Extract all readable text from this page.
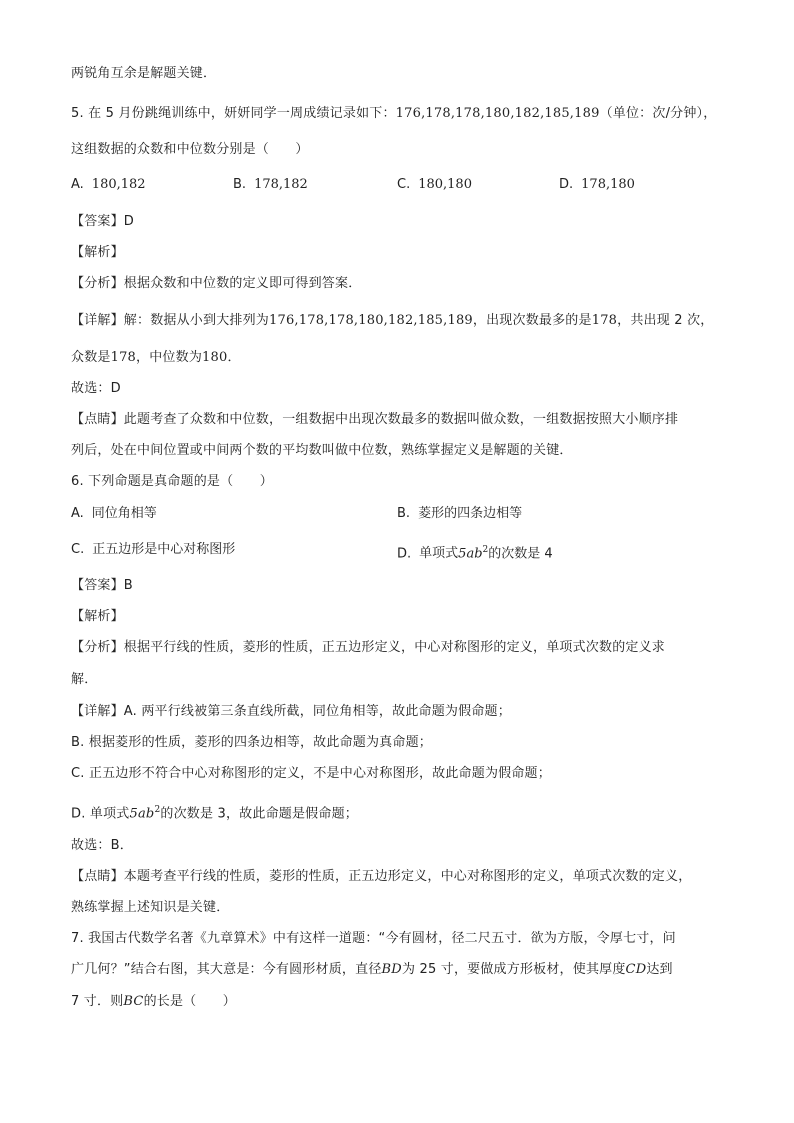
两锐角互余是解题关键．
5. 在 5 月份跳绳训练中，妍妍同学一周成绩记录如下：176,178,178,180,182,185,189（单位：次/分钟），
这组数据的众数和中位数分别是（　　）
A. 180,182	B. 178,182	C. 180,180	D. 178,180
【答案】D
【解析】
【分析】根据众数和中位数的定义即可得到答案．
【详解】解：数据从小到大排列为176,178,178,180,182,185,189，出现次数最多的是178，共出现 2 次，
众数是178，中位数为180．
故选：D
【点睛】此题考查了众数和中位数，一组数据中出现次数最多的数据叫做众数，一组数据按照大小顺序排
列后，处在中间位置或中间两个数的平均数叫做中位数，熟练掌握定义是解题的关键．
6. 下列命题是真命题的是（　　）
A. 同位角相等	B. 菱形的四条边相等
C. 正五边形是中心对称图形	D. 单项式$5ab^2$的次数是 4
【答案】B
【解析】
【分析】根据平行线的性质，菱形的性质，正五边形定义，中心对称图形的定义，单项式次数的定义求
解．
【详解】A. 两平行线被第三条直线所截，同位角相等，故此命题为假命题；
B. 根据菱形的性质，菱形的四条边相等，故此命题为真命题；
C. 正五边形不符合中心对称图形的定义，不是中心对称图形，故此命题为假命题；
D. 单项式$5ab^2$的次数是 3，故此命题是假命题；
故选：B．
【点睛】本题考查平行线的性质，菱形的性质，正五边形定义，中心对称图形的定义，单项式次数的定义，
熟练掌握上述知识是关键．
7. 我国古代数学名著《九章算术》中有这样一道题：“今有圆材，径二尺五寸．欲为方版，令厚七寸，问
广几何？”结合右图，其大意是：今有圆形材质，直径BD为 25 寸，要做成方形板材，使其厚度CD达到
7 寸．则BC的长是（　　）
